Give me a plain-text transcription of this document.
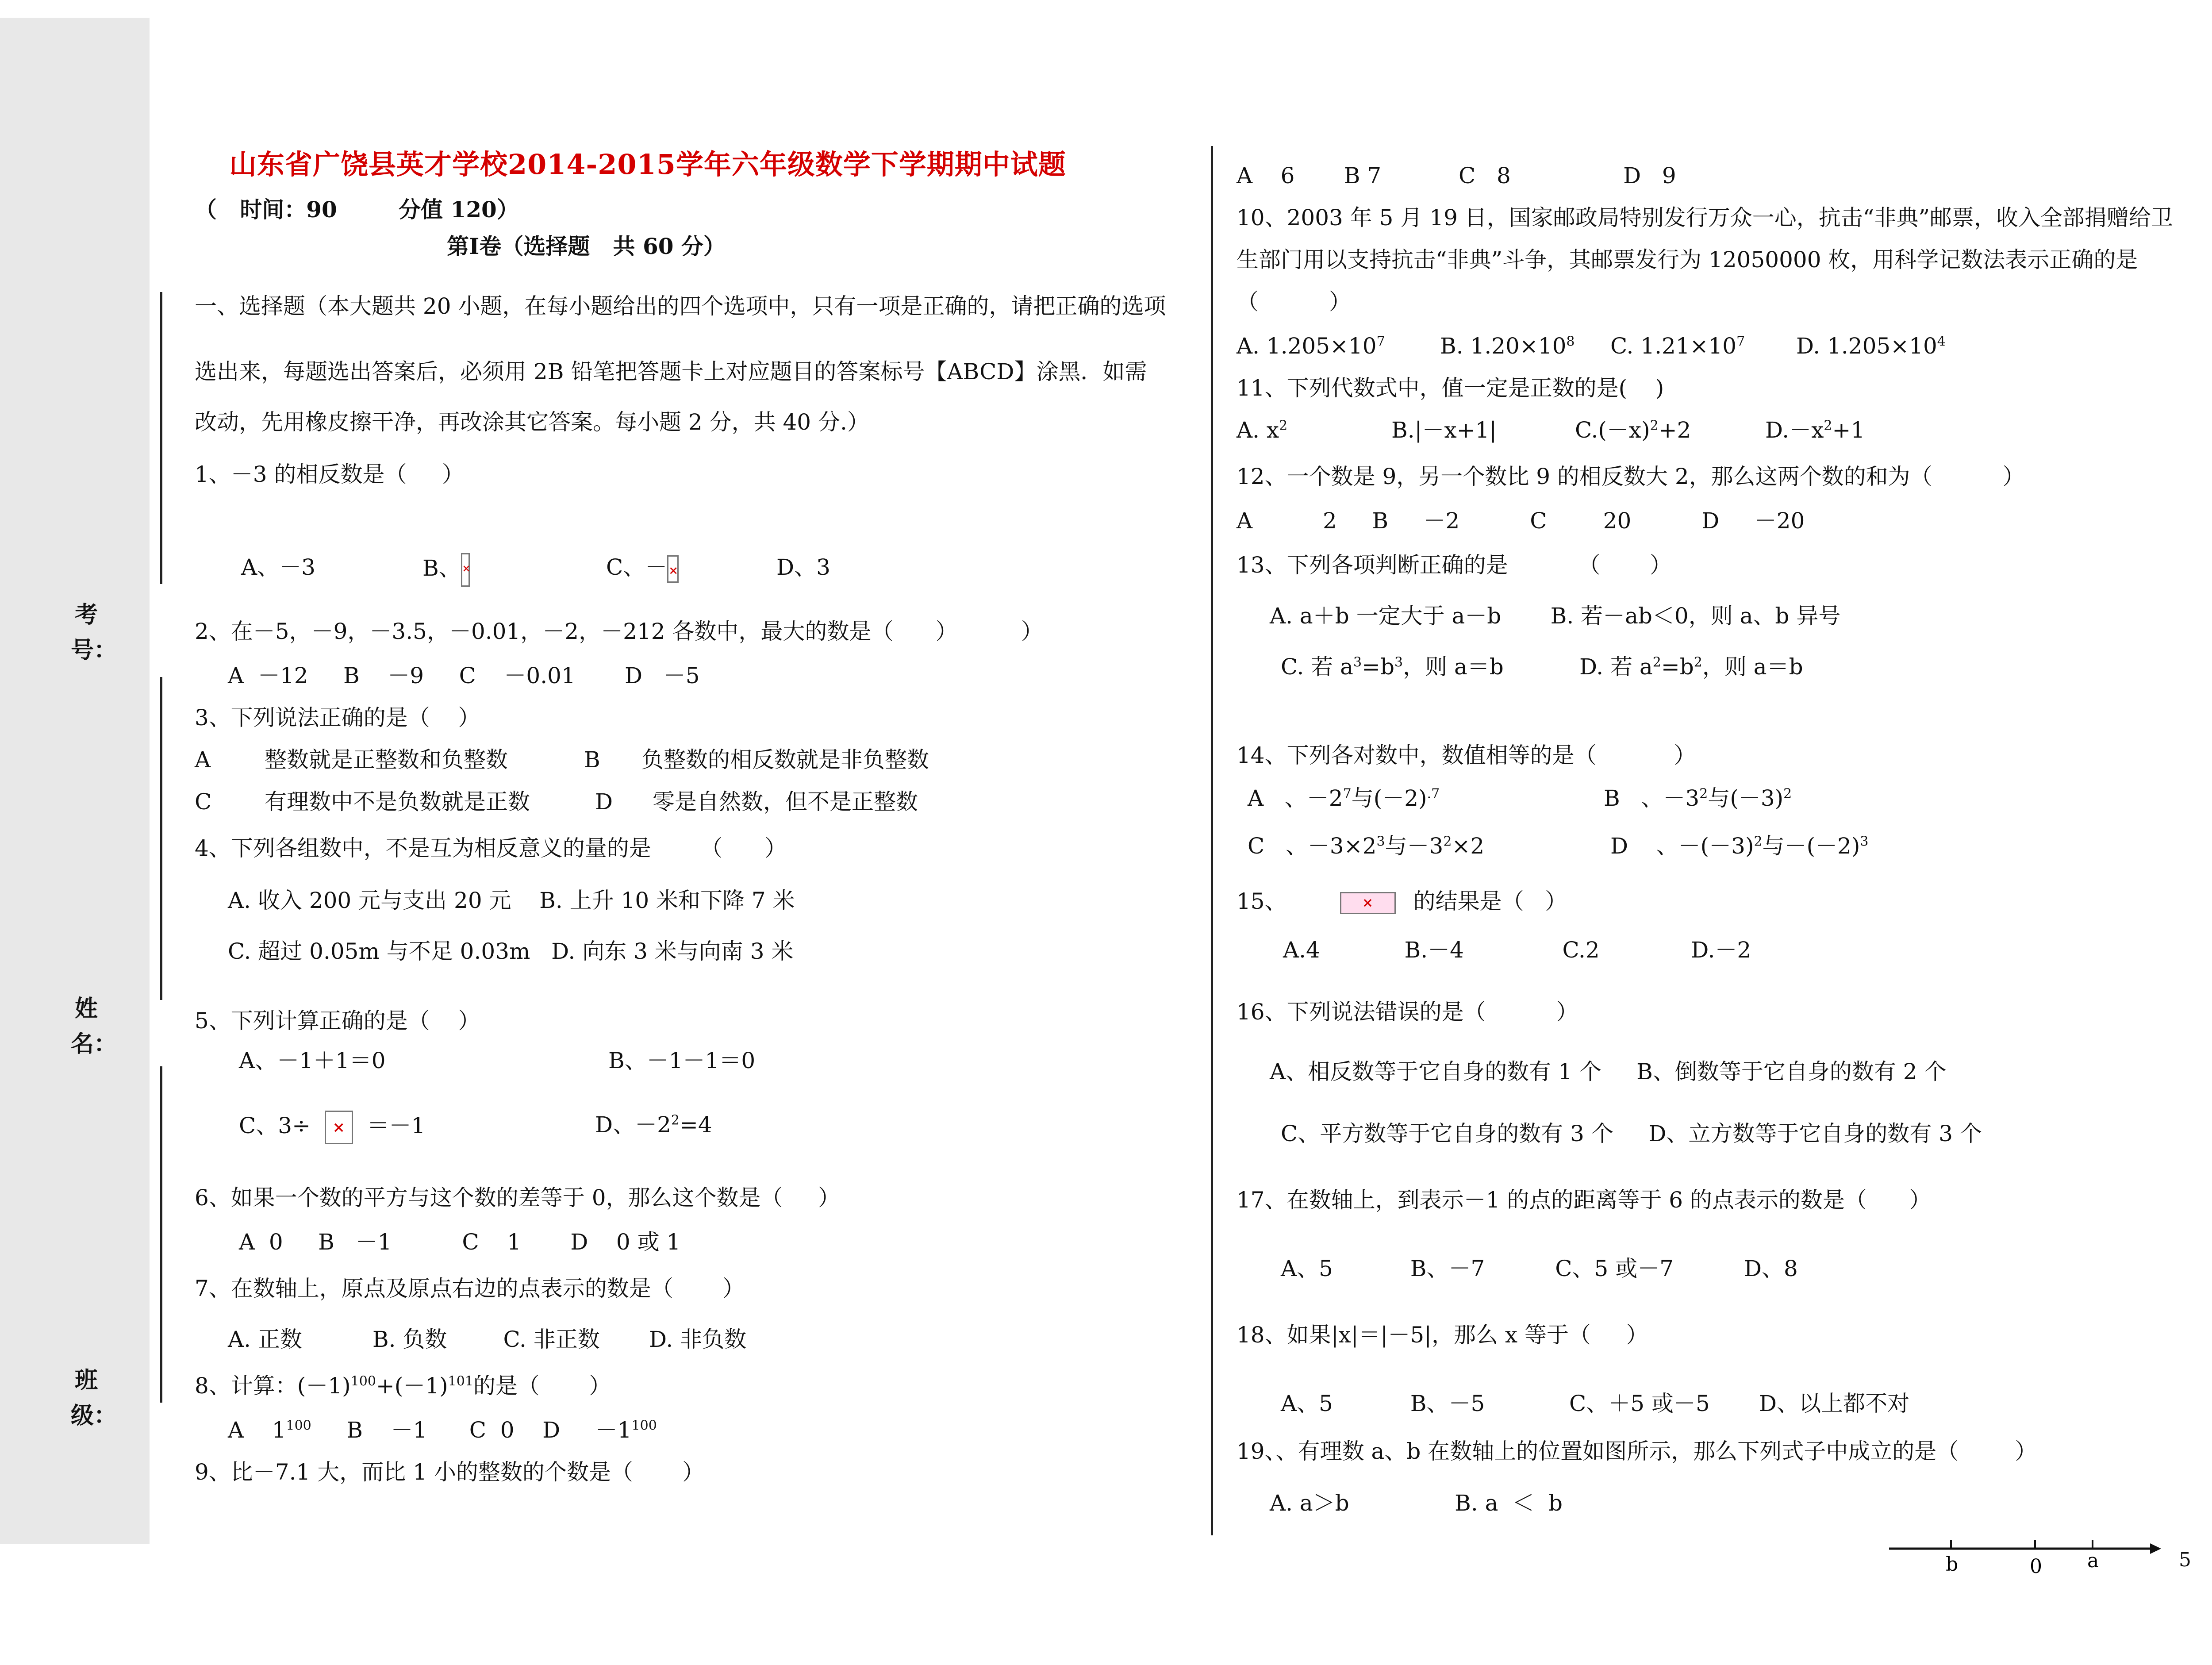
考 号：
姓 名：
班级：
山东省广饶县英才学校2014-2015学年六年级数学下学期期中试题
（   时间：90        分值 120）
第Ⅰ卷（选择题   共 60 分）
一、选择题（本大题共 20 小题，在每小题给出的四个选项中，只有一项是正确的，请把正确的选项
选出来，每题选出答案后，必须用 2B 铅笔把答题卡上对应题目的答案标号【ABCD】涂黑．如需
改动，先用橡皮擦干净，再改涂其它答案。每小题 2 分，共 40 分.）
1、－3 的相反数是（     ）
A、－3	B、 ×	C、－ ×	D、3
2、在－5，－9，－3.5，－0.01，－2，－212 各数中，最大的数是（      ）         ）
A  －12     B    －9     C    －0.01       D   －5
3、下列说法正确的是（    ）
A 整数就是正整数和负整数	B 负整数的相反数就是非负整数
C 有理数中不是负数就是正数	D 零是自然数，但不是正整数
4、下列各组数中，不是互为相反意义的量的是       （      ）
A. 收入 200 元与支出 20 元    B. 上升 10 米和下降 7 米
C. 超过 0.05m 与不足 0.03m   D. 向东 3 米与向南 3 米
5、下列计算正确的是（    ）
A、－1＋1＝0	B、－1－1＝0
C、3÷ × ＝－1	D、$-2^2=4$
6、如果一个数的平方与这个数的差等于 0，那么这个数是（     ）
A  0     B   －1          C    1       D    0 或 1
7、在数轴上，原点及原点右边的点表示的数是（       ）
A. 正数          B. 负数        C. 非正数       D. 非负数
8、计算：$(-1)^{100}+(-1)^{101}$的是（       ）
A    $1^{100}$     B    －1      C  0    D     $-1^{100}$
9、比－7.1 大，而比 1 小的整数的个数是（       ）
A    6       B 7           C   8                D   9
10、2003 年 5 月 19 日，国家邮政局特别发行万众一心，抗击“非典”邮票，收入全部捐赠给卫
生部门用以支持抗击“非典”斗争，其邮票发行为 12050000 枚，用科学记数法表示正确的是
（          ）
A. $1.205\times 10^7$ B. $1.20\times 10^8$ C. $1.21\times 10^7$ D. $1.205\times 10^4$
11、下列代数式中，值一定是正数的是(    )
A. $x^2$	B.|－x+1|	$C.(-x)^2+2$	$D.-x^2+1$
12、一个数是 9，另一个数比 9 的相反数大 2，那么这两个数的和为（          ）
A          2     B     －2          C        20          D     －20
13、下列各项判断正确的是          （       ）
A. a＋b 一定大于 a－b       B. 若－ab＜0，则 a、b 异号
C. 若 $a^3=b^3$，则 a＝b	D. 若 $a^2=b^2$，则 a＝b
14、下列各对数中，数值相等的是（           ）
A   、$-2^7$与$(-2)^{.7}$	B   、$-3^2$与$(-3)^2$
C   、$-3\times 2^3$与$-3^2\times 2$	D    、$-(-3)^2$与$-(-2)^3$
15、	× 的结果是（   ）
A.4            B.－4              C.2             D.－2
16、下列说法错误的是（          ）
A、相反数等于它自身的数有 1 个     B、倒数等于它自身的数有 2 个
C、平方数等于它自身的数有 3 个     D、立方数等于它自身的数有 3 个
17、在数轴上，到表示－1 的点的距离等于 6 的点表示的数是（      ）
A、5           B、－7          C、5 或－7          D、8
18、如果|x|＝|－5|，那么 x 等于（     ）
A、5           B、－5            C、＋5 或－5       D、以上都不对
19、、有理数 a、b 在数轴上的位置如图所示，那么下列式子中成立的是（        ）
A. a＞b               B. a  ＜  b
b	0 a	5
